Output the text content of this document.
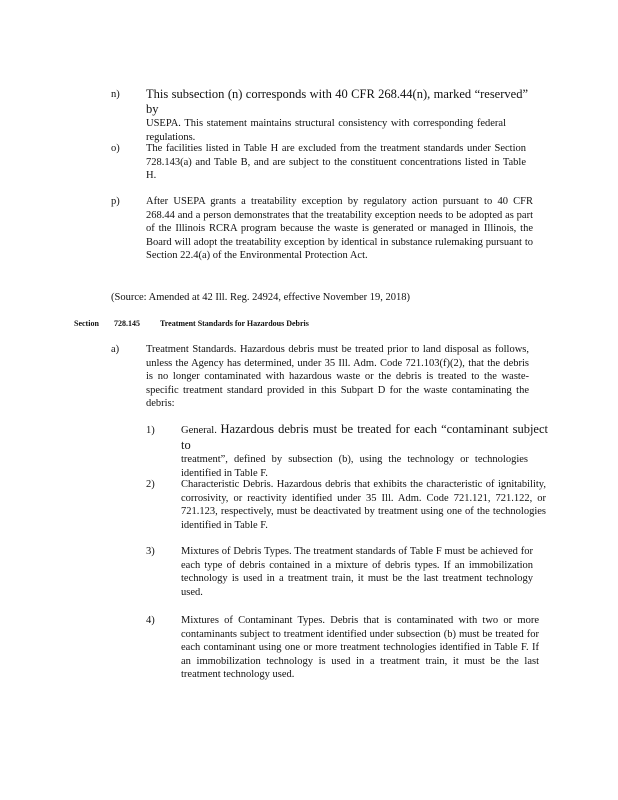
n) This subsection (n) corresponds with 40 CFR 268.44(n), marked “reserved” by
USEPA. This statement maintains structural consistency with corresponding federal regulations.
o)	The facilities listed in Table H are excluded from the treatment standards under Section 728.143(a) and Table B, and are subject to the constituent concentrations listed in Table H.
p)	After USEPA grants a treatability exception by regulatory action pursuant to 40 CFR 268.44 and a person demonstrates that the treatability exception needs to be adopted as part of the Illinois RCRA program because the waste is generated or managed in Illinois, the Board will adopt the treatability exception by identical in substance rulemaking pursuant to Section 22.4(a) of the Environmental Protection Act.
(Source: Amended at 42 Ill. Reg. 24924, effective November 19, 2018)
Section 728.145	Treatment Standards for Hazardous Debris
a)	Treatment Standards. Hazardous debris must be treated prior to land disposal as follows, unless the Agency has determined, under 35 Ill. Adm. Code 721.103(f)(2), that the debris is no longer contaminated with hazardous waste or the debris is treated to the waste-specific treatment standard provided in this Subpart D for the waste contaminating the debris:
1)	General. Hazardous debris must be treated for each “contaminant subject to
treatment”, defined by subsection (b), using the technology or technologies identified in Table F.
2)	Characteristic Debris. Hazardous debris that exhibits the characteristic of ignitability, corrosivity, or reactivity identified under 35 Ill. Adm. Code 721.121, 721.122, or 721.123, respectively, must be deactivated by treatment using one of the technologies identified in Table F.
3)	Mixtures of Debris Types. The treatment standards of Table F must be achieved for each type of debris contained in a mixture of debris types. If an immobilization technology is used in a treatment train, it must be the last treatment technology used.
4)	Mixtures of Contaminant Types. Debris that is contaminated with two or more contaminants subject to treatment identified under subsection (b) must be treated for each contaminant using one or more treatment technologies identified in Table F. If an immobilization technology is used in a treatment train, it must be the last treatment technology used.
